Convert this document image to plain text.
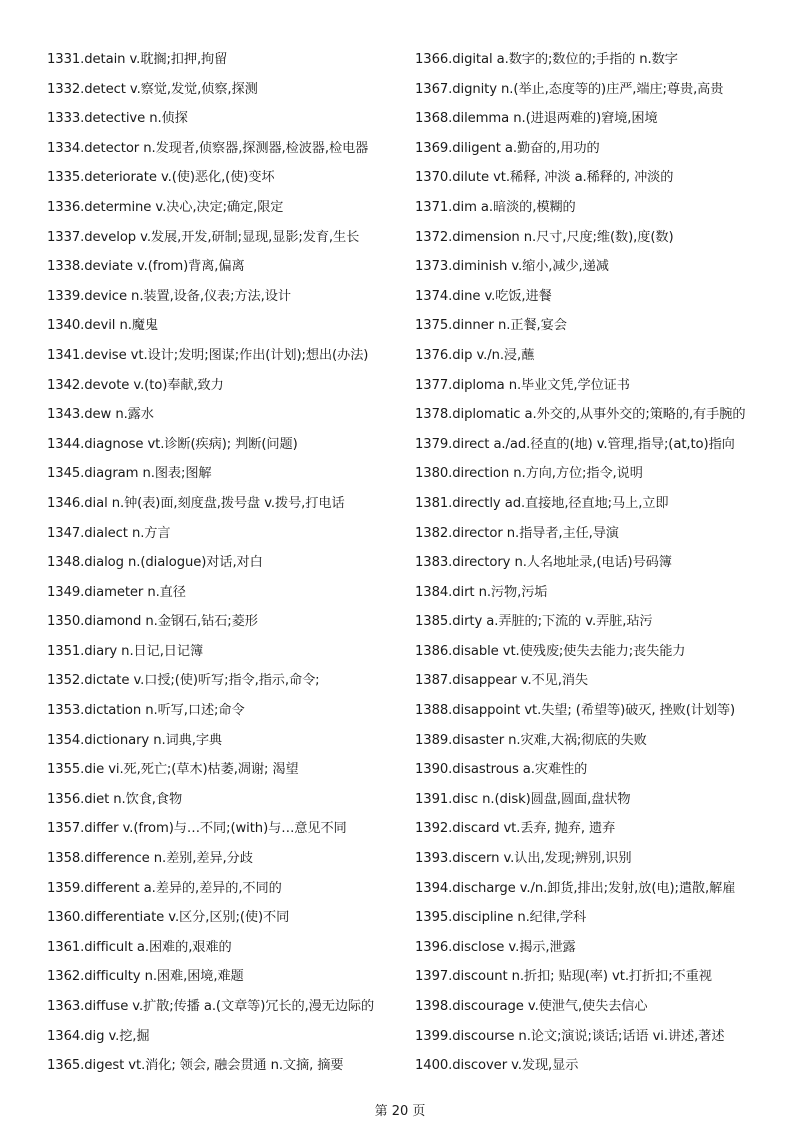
1331.detain v.耽搁;扣押,拘留
1332.detect v.察觉,发觉,侦察,探测
1333.detective n.侦探
1334.detector n.发现者,侦察器,探测器,检波器,检电器
1335.deteriorate v.(使)恶化,(使)变坏
1336.determine v.决心,决定;确定,限定
1337.develop v.发展,开发,研制;显现,显影;发育,生长
1338.deviate v.(from)背离,偏离
1339.device n.装置,设备,仪表;方法,设计
1340.devil n.魔鬼
1341.devise vt.设计;发明;图谋;作出(计划);想出(办法)
1342.devote v.(to)奉献,致力
1343.dew n.露水
1344.diagnose vt.诊断(疾病); 判断(问题)
1345.diagram n.图表;图解
1346.dial n.钟(表)面,刻度盘,拨号盘 v.拨号,打电话
1347.dialect n.方言
1348.dialog n.(dialogue)对话,对白
1349.diameter n.直径
1350.diamond n.金钢石,钻石;菱形
1351.diary n.日记,日记簿
1352.dictate v.口授;(使)听写;指令,指示,命令;
1353.dictation n.听写,口述;命令
1354.dictionary n.词典,字典
1355.die vi.死,死亡;(草木)枯萎,凋谢; 渴望
1356.diet n.饮食,食物
1357.differ v.(from)与…不同;(with)与…意见不同
1358.difference n.差别,差异,分歧
1359.different a.差异的,差异的,不同的
1360.differentiate v.区分,区别;(使)不同
1361.difficult a.困难的,艰难的
1362.difficulty n.困难,困境,难题
1363.diffuse v.扩散;传播 a.(文章等)冗长的,漫无边际的
1364.dig v.挖,掘
1365.digest vt.消化; 领会, 融会贯通 n.文摘, 摘要
1366.digital a.数字的;数位的;手指的 n.数字
1367.dignity n.(举止,态度等的)庄严,端庄;尊贵,高贵
1368.dilemma n.(进退两难的)窘境,困境
1369.diligent a.勤奋的,用功的
1370.dilute vt.稀释, 冲淡 a.稀释的, 冲淡的
1371.dim a.暗淡的,模糊的
1372.dimension n.尺寸,尺度;维(数),度(数)
1373.diminish v.缩小,减少,递减
1374.dine v.吃饭,进餐
1375.dinner n.正餐,宴会
1376.dip v./n.浸,蘸
1377.diploma n.毕业文凭,学位证书
1378.diplomatic a.外交的,从事外交的;策略的,有手腕的
1379.direct a./ad.径直的(地) v.管理,指导;(at,to)指向
1380.direction n.方向,方位;指令,说明
1381.directly ad.直接地,径直地;马上,立即
1382.director n.指导者,主任,导演
1383.directory n.人名地址录,(电话)号码簿
1384.dirt n.污物,污垢
1385.dirty a.弄脏的;下流的 v.弄脏,玷污
1386.disable vt.使残废;使失去能力;丧失能力
1387.disappear v.不见,消失
1388.disappoint vt.失望; (希望等)破灭, 挫败(计划等)
1389.disaster n.灾难,大祸;彻底的失败
1390.disastrous a.灾难性的
1391.disc n.(disk)圆盘,圆面,盘状物
1392.discard vt.丢弃, 抛弃, 遗弃
1393.discern v.认出,发现;辨别,识别
1394.discharge v./n.卸货,排出;发射,放(电);遣散,解雇
1395.discipline n.纪律,学科
1396.disclose v.揭示,泄露
1397.discount n.折扣; 贴现(率) vt.打折扣;不重视
1398.discourage v.使泄气,使失去信心
1399.discourse n.论文;演说;谈话;话语 vi.讲述,著述
1400.discover v.发现,显示
第 20 页
